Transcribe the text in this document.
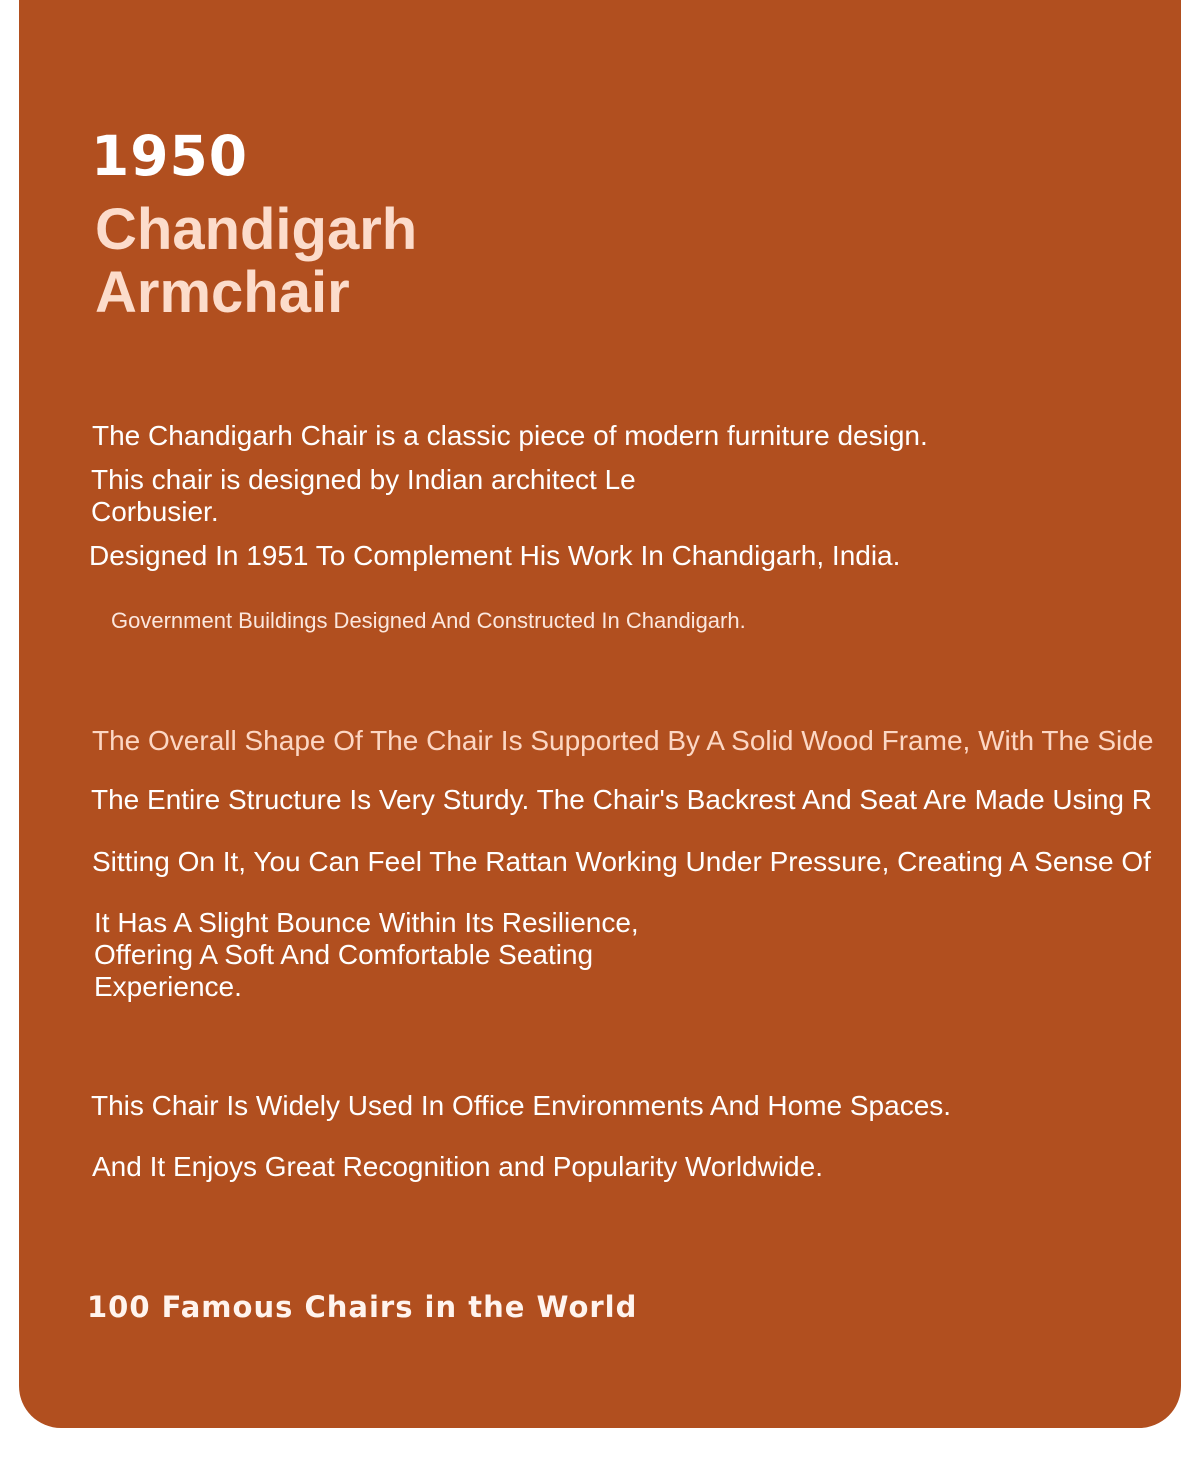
1950
Chandigarh
Armchair
The Chandigarh Chair is a classic piece of modern furniture design.
This chair is designed by Indian architect Le
Corbusier.
Designed In 1951 To Complement His Work In Chandigarh, India.
Government Buildings Designed And Constructed In Chandigarh.
The Overall Shape Of The Chair Is Supported By A Solid Wood Frame, With The Side
The Entire Structure Is Very Sturdy. The Chair's Backrest And Seat Are Made Using R
Sitting On It, You Can Feel The Rattan Working Under Pressure, Creating A Sense Of
It Has A Slight Bounce Within Its Resilience,
Offering A Soft And Comfortable Seating
Experience.
This Chair Is Widely Used In Office Environments And Home Spaces.
And It Enjoys Great Recognition and Popularity Worldwide.
100 Famous Chairs in the World
